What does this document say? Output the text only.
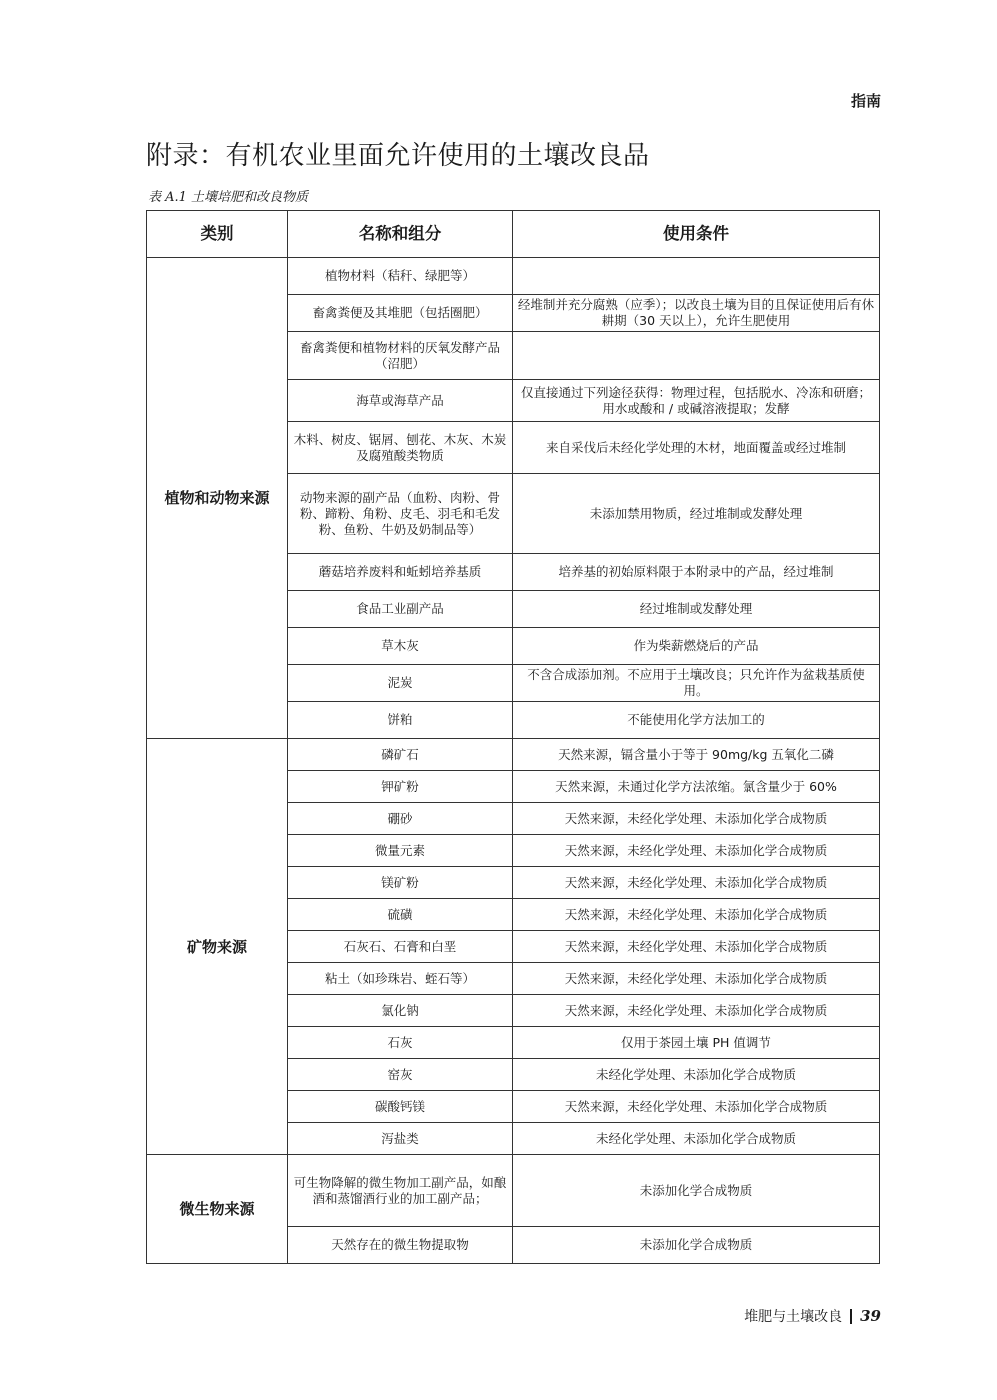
指南
附录：有机农业里面允许使用的土壤改良品
表 A.1 土壤培肥和改良物质
类别	名称和组分	使用条件
植物和动物来源	植物材料（秸秆、绿肥等）	
	畜禽粪便及其堆肥（包括圈肥）	经堆制并充分腐熟（应季）；以改良土壤为目的且保证使用后有休耕期（30 天以上），允许生肥使用
	畜禽粪便和植物材料的厌氧发酵产品（沼肥）	
	海草或海草产品	仅直接通过下列途径获得：物理过程，包括脱水、冷冻和研磨；用水或酸和 / 或碱溶液提取；发酵
	木料、树皮、锯屑、刨花、木灰、木炭及腐殖酸类物质	来自采伐后未经化学处理的木材，地面覆盖或经过堆制
	动物来源的副产品（血粉、肉粉、骨粉、蹄粉、角粉、皮毛、羽毛和毛发粉、鱼粉、牛奶及奶制品等）	未添加禁用物质，经过堆制或发酵处理
	蘑菇培养废料和蚯蚓培养基质	培养基的初始原料限于本附录中的产品，经过堆制
	食品工业副产品	经过堆制或发酵处理
	草木灰	作为柴薪燃烧后的产品
	泥炭	不含合成添加剂。不应用于土壤改良；只允许作为盆栽基质使用。
	饼粕	不能使用化学方法加工的
矿物来源	磷矿石	天然来源，镉含量小于等于 90mg/kg 五氧化二磷
	钾矿粉	天然来源，未通过化学方法浓缩。氯含量少于 60%
	硼砂	天然来源，未经化学处理、未添加化学合成物质
	微量元素	天然来源，未经化学处理、未添加化学合成物质
	镁矿粉	天然来源，未经化学处理、未添加化学合成物质
	硫磺	天然来源，未经化学处理、未添加化学合成物质
	石灰石、石膏和白垩	天然来源，未经化学处理、未添加化学合成物质
	粘土（如珍珠岩、蛭石等）	天然来源，未经化学处理、未添加化学合成物质
	氯化钠	天然来源，未经化学处理、未添加化学合成物质
	石灰	仅用于茶园土壤 PH 值调节
	窑灰	未经化学处理、未添加化学合成物质
	碳酸钙镁	天然来源，未经化学处理、未添加化学合成物质
	泻盐类	未经化学处理、未添加化学合成物质
微生物来源	可生物降解的微生物加工副产品，如酿酒和蒸馏酒行业的加工副产品；	未添加化学合成物质
	天然存在的微生物提取物	未添加化学合成物质
堆肥与土壤改良 39
